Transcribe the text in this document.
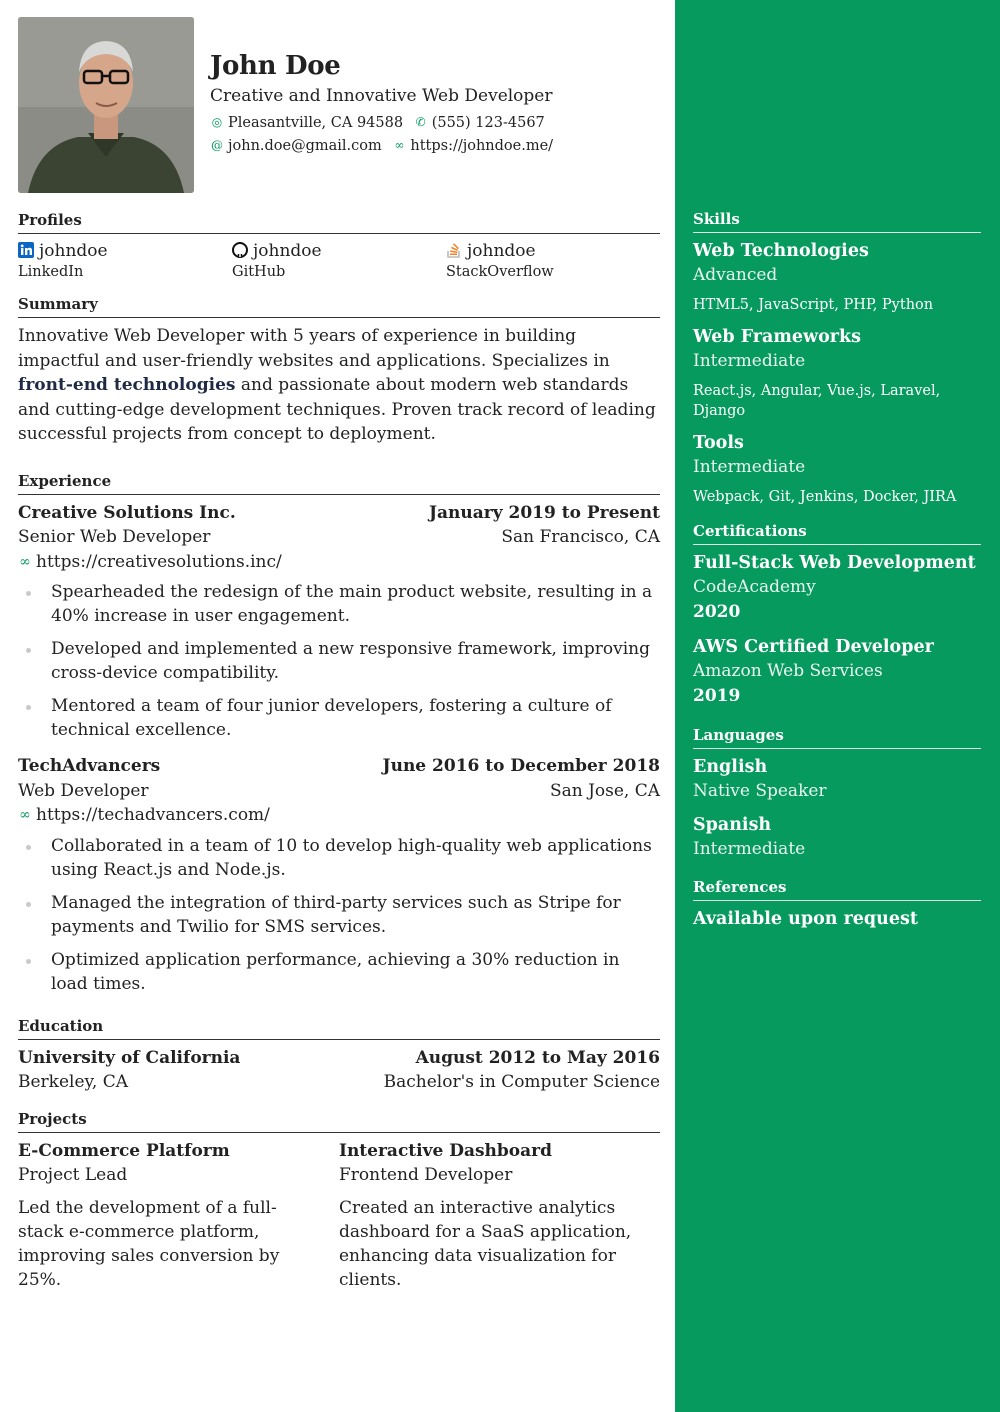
John Doe
Creative and Innovative Web Developer
◎ Pleasantville, CA 94588 ✆ (555) 123-4567
@ john.doe@gmail.com ∞ https://johndoe.me/
Profiles
johndoe
LinkedIn
johndoe
GitHub
johndoe
StackOverflow
Summary

Innovative Web Developer with 5 years of experience in building impactful and user-friendly websites and applications. Specializes in front-end technologies and passionate about modern web standards and cutting-edge development techniques. Proven track record of leading successful projects from concept to deployment.

Experience
Creative Solutions Inc.	January 2019 to Present
Senior Web Developer	San Francisco, CA
∞ https://creativesolutions.inc/
Spearheaded the redesign of the main product website, resulting in a 40% increase in user engagement.
Developed and implemented a new responsive framework, improving cross-device compatibility.
Mentored a team of four junior developers, fostering a culture of technical excellence.
TechAdvancers	June 2016 to December 2018
Web Developer	San Jose, CA
∞ https://techadvancers.com/
Collaborated in a team of 10 to develop high-quality web applications using React.js and Node.js.
Managed the integration of third-party services such as Stripe for payments and Twilio for SMS services.
Optimized application performance, achieving a 30% reduction in load times.
Education
University of California	August 2012 to May 2016
Berkeley, CA	Bachelor's in Computer Science
Projects
E-Commerce Platform
Project Lead
Led the development of a full-stack e-commerce platform, improving sales conversion by 25%.
Interactive Dashboard
Frontend Developer
Created an interactive analytics dashboard for a SaaS application, enhancing data visualization for clients.
Skills
Web Technologies
Advanced
HTML5, JavaScript, PHP, Python
Web Frameworks
Intermediate
React.js, Angular, Vue.js, Laravel, Django
Tools
Intermediate
Webpack, Git, Jenkins, Docker, JIRA
Certifications
Full-Stack Web Development
CodeAcademy
2020
AWS Certified Developer
Amazon Web Services
2019
Languages
English
Native Speaker
Spanish
Intermediate
References
Available upon request
